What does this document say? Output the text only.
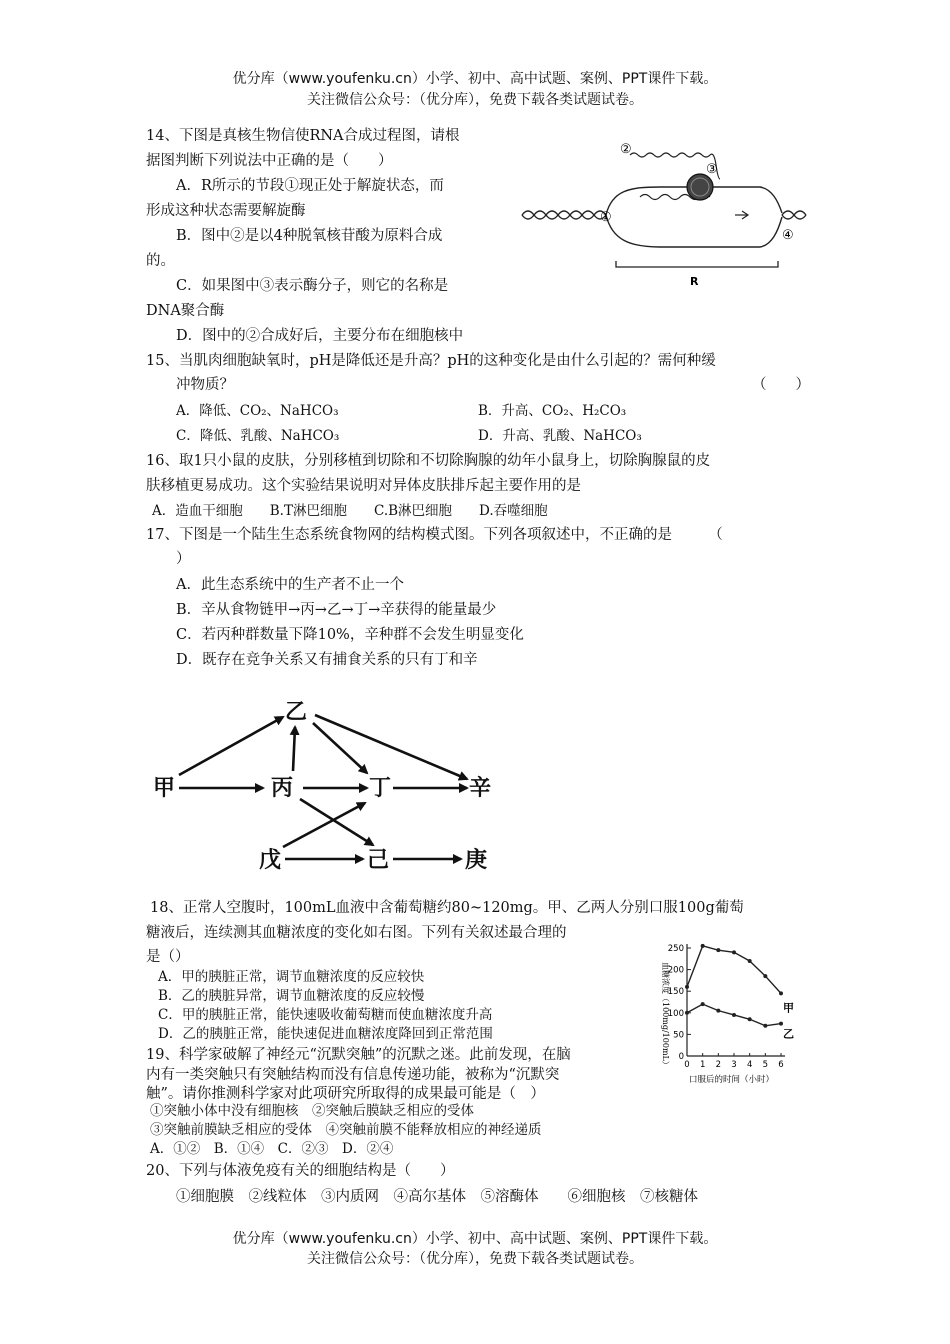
优分库（www.youfenku.cn）小学、初中、高中试题、案例、PPT课件下载。
关注微信公众号：（优分库），免费下载各类试题试卷。
14、下图是真核生物信使RNA合成过程图，请根
据图判断下列说法中正确的是（　　）
A．R所示的节段①现正处于解旋状态，而
形成这种状态需要解旋酶
B．图中②是以4种脱氧核苷酸为原料合成
的。
C．如果图中③表示酶分子，则它的名称是
DNA聚合酶
D．图中的②合成好后，主要分布在细胞核中
R
①
②
③
④
15、当肌肉细胞缺氧时，pH是降低还是升高？pH的这种变化是由什么引起的？需何种缓
冲物质？	（　　）
A．降低、CO₂、NaHCO₃	B．升高、CO₂、H₂CO₃
C．降低、乳酸、NaHCO₃	D．升高、乳酸、NaHCO₃
16、取1只小鼠的皮肤，分别移植到切除和不切除胸腺的幼年小鼠身上，切除胸腺鼠的皮
肤移植更易成功。这个实验结果说明对异体皮肤排斥起主要作用的是
A．造血干细胞　　B.T淋巴细胞　　C.B淋巴细胞　　D.吞噬细胞
17、下图是一个陆生生态系统食物网的结构模式图。下列各项叙述中，不正确的是　　　（
）
A．此生态系统中的生产者不止一个
B．辛从食物链甲→丙→乙→丁→辛获得的能量最少
C．若丙种群数量下降10%，辛种群不会发生明显变化
D．既存在竞争关系又有捕食关系的只有丁和辛
甲
乙
丙	丁	辛
戊	己	庚
18、正常人空腹时，100mL血液中含葡萄糖约80~120mg。甲、乙两人分别口服100g葡萄
糖液后，连续测其血糖浓度的变化如右图。下列有关叙述最合理的
是（）
A．甲的胰脏正常，调节血糖浓度的反应较快
B．乙的胰脏异常，调节血糖浓度的反应较慢
C．甲的胰脏正常，能快速吸收葡萄糖而使血糖浓度升高
D．乙的胰脏正常，能快速促进血糖浓度降回到正常范围
0
50
100
150
200
250
0 1 2 3 4 5 6
甲
乙
血糖浓度（100mg/100mL）
口服后的时间（小时）
19、科学家破解了神经元“沉默突触”的沉默之迷。此前发现，在脑
内有一类突触只有突触结构而没有信息传递功能，被称为“沉默突
触”。请你推测科学家对此项研究所取得的成果最可能是（　）
①突触小体中没有细胞核　②突触后膜缺乏相应的受体
③突触前膜缺乏相应的受体　④突触前膜不能释放相应的神经递质
A．①②　B．①④　C．②③　D．②④
20、下列与体液免疫有关的细胞结构是（　　）
①细胞膜　②线粒体　③内质网　④高尔基体　⑤溶酶体　　⑥细胞核　⑦核糖体
优分库（www.youfenku.cn）小学、初中、高中试题、案例、PPT课件下载。
关注微信公众号：（优分库），免费下载各类试题试卷。
